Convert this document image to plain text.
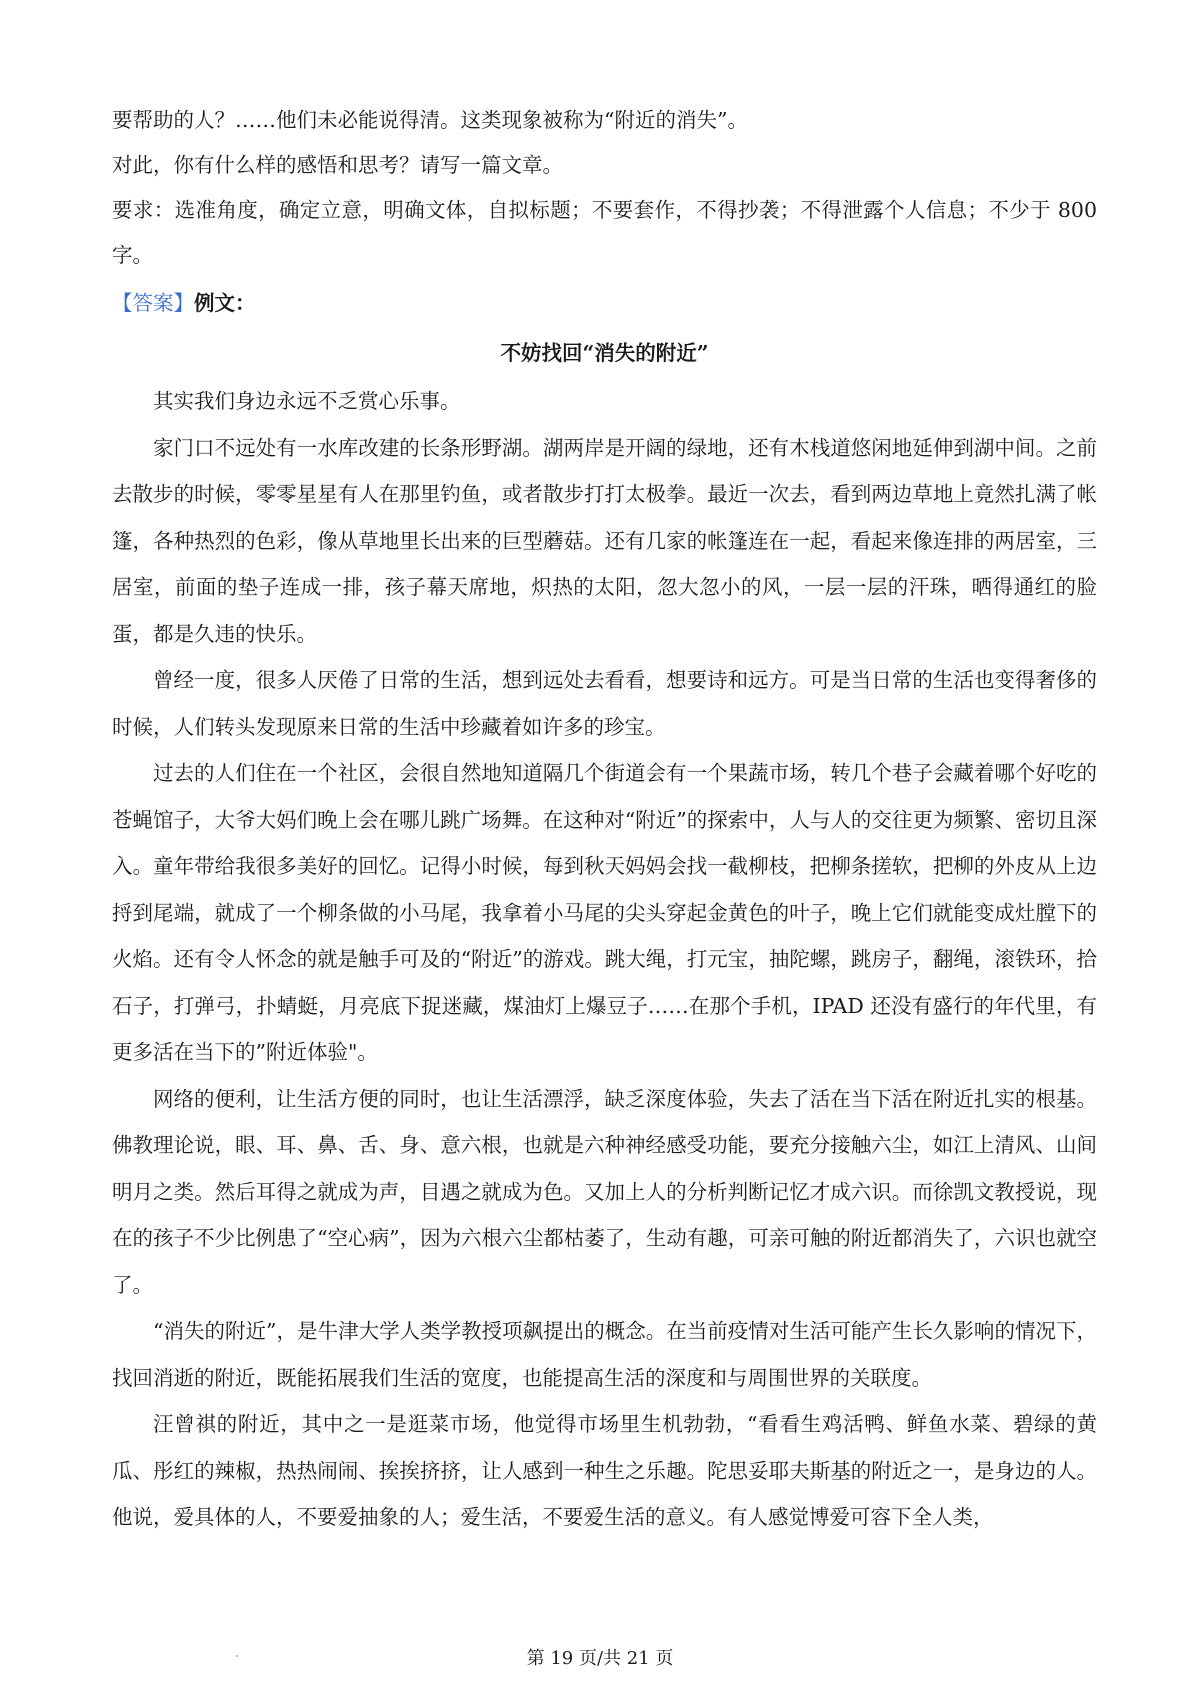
要帮助的人？……他们未必能说得清。这类现象被称为“附近的消失”。

对此，你有什么样的感悟和思考？请写一篇文章。

要求：选准角度，确定立意，明确文体，自拟标题；不要套作，不得抄袭；不得泄露个人信息；不少于 800 字。

【答案】例文：

不妨找回“消失的附近”

其实我们身边永远不乏赏心乐事。

家门口不远处有一水库改建的长条形野湖。湖两岸是开阔的绿地，还有木栈道悠闲地延伸到湖中间。之前去散步的时候，零零星星有人在那里钓鱼，或者散步打打太极拳。最近一次去，看到两边草地上竟然扎满了帐篷，各种热烈的色彩，像从草地里长出来的巨型蘑菇。还有几家的帐篷连在一起，看起来像连排的两居室，三居室，前面的垫子连成一排，孩子幕天席地，炽热的太阳，忽大忽小的风，一层一层的汗珠，晒得通红的脸蛋，都是久违的快乐。

曾经一度，很多人厌倦了日常的生活，想到远处去看看，想要诗和远方。可是当日常的生活也变得奢侈的时候，人们转头发现原来日常的生活中珍藏着如许多的珍宝。

过去的人们住在一个社区，会很自然地知道隔几个街道会有一个果蔬市场，转几个巷子会藏着哪个好吃的苍蝇馆子，大爷大妈们晚上会在哪儿跳广场舞。在这种对“附近”的探索中，人与人的交往更为频繁、密切且深入。童年带给我很多美好的回忆。记得小时候，每到秋天妈妈会找一截柳枝，把柳条搓软，把柳的外皮从上边捋到尾端，就成了一个柳条做的小马尾，我拿着小马尾的尖头穿起金黄色的叶子，晚上它们就能变成灶膛下的火焰。还有令人怀念的就是触手可及的“附近”的游戏。跳大绳，打元宝，抽陀螺，跳房子，翻绳，滚铁环，拾石子，打弹弓，扑蜻蜓，月亮底下捉迷藏，煤油灯上爆豆子……在那个手机，IPAD 还没有盛行的年代里，有更多活在当下的”附近体验"。

网络的便利，让生活方便的同时，也让生活漂浮，缺乏深度体验，失去了活在当下活在附近扎实的根基。佛教理论说，眼、耳、鼻、舌、身、意六根，也就是六种神经感受功能，要充分接触六尘，如江上清风、山间明月之类。然后耳得之就成为声，目遇之就成为色。又加上人的分析判断记忆才成六识。而徐凯文教授说，现在的孩子不少比例患了“空心病”，因为六根六尘都枯萎了，生动有趣，可亲可触的附近都消失了，六识也就空了。

“消失的附近”，是牛津大学人类学教授项飙提出的概念。在当前疫情对生活可能产生长久影响的情况下，找回消逝的附近，既能拓展我们生活的宽度，也能提高生活的深度和与周围世界的关联度。

汪曾祺的附近，其中之一是逛菜市场，他觉得市场里生机勃勃，“看看生鸡活鸭、鲜鱼水菜、碧绿的黄瓜、彤红的辣椒，热热闹闹、挨挨挤挤，让人感到一种生之乐趣。陀思妥耶夫斯基的附近之一，是身边的人。他说，爱具体的人，不要爱抽象的人；爱生活，不要爱生活的意义。有人感觉博爱可容下全人类，

第 19 页/共 21 页
